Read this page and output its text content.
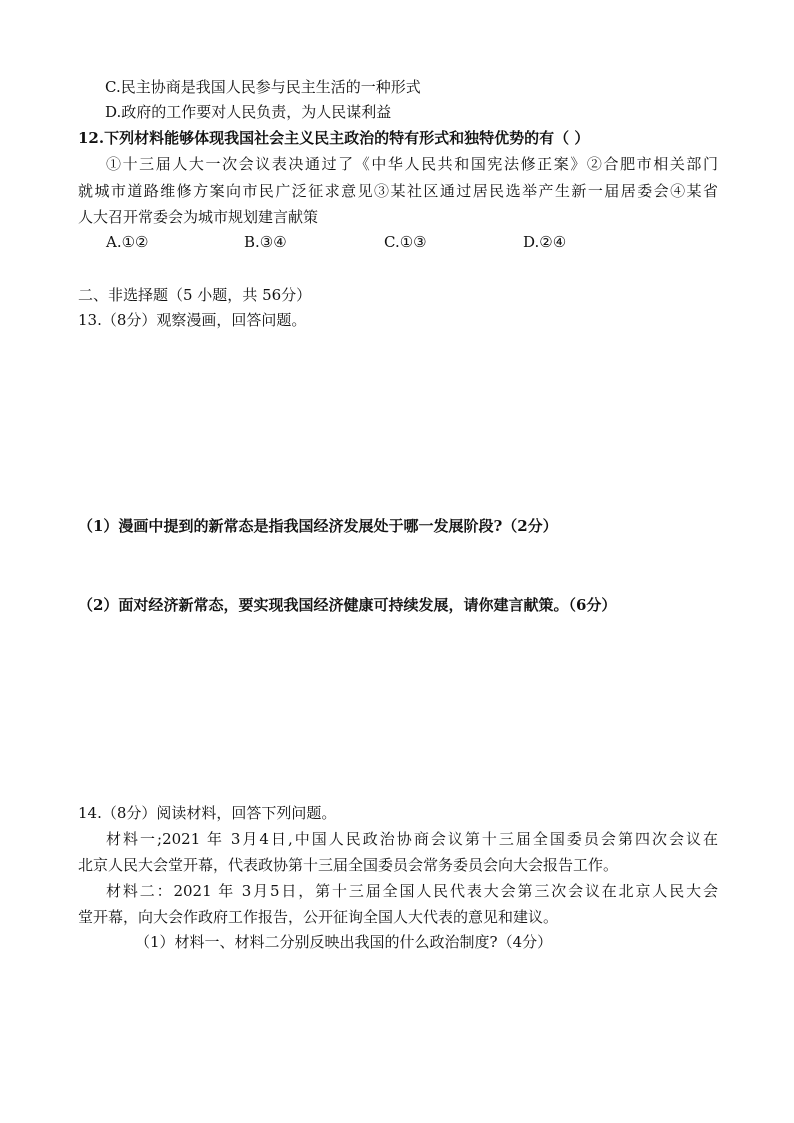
C.民主协商是我国人民参与民主生活的一种形式
D.政府的工作要对人民负责，为人民谋利益
12.下列材料能够体现我国社会主义民主政治的特有形式和独特优势的有（ ）
①十三届人大一次会议表决通过了《中华人民共和国宪法修正案》②合肥市相关部门
就城市道路维修方案向市民广泛征求意见③某社区通过居民选举产生新一届居委会④某省
人大召开常委会为城市规划建言献策
A.①②	B.③④	C.①③	D.②④
二、非选择题（5 小题，共 56分）
13.（8分）观察漫画，回答问题。
（1）漫画中提到的新常态是指我国经济发展处于哪一发展阶段?（2分）
（2）面对经济新常态，要实现我国经济健康可持续发展，请你建言献策。（6分）
14.（8分）阅读材料，回答下列问题。
材料一;2021 年 3月4日,中国人民政治协商会议第十三届全国委员会第四次会议在
北京人民大会堂开幕，代表政协第十三届全国委员会常务委员会向大会报告工作。
材料二：2021 年 3月5日，第十三届全国人民代表大会第三次会议在北京人民大会
堂开幕，向大会作政府工作报告，公开征询全国人大代表的意见和建议。
（1）材料一、材料二分别反映出我国的什么政治制度?（4分）
